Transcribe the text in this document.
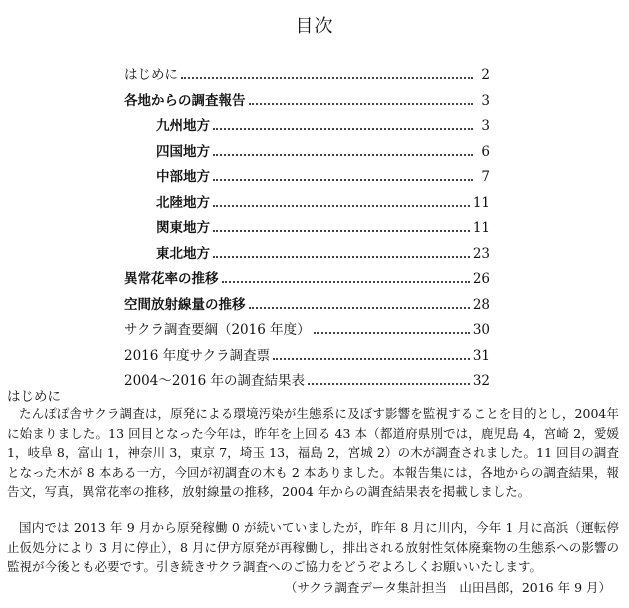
目次
はじめに	2
各地からの調査報告	3
九州地方	3
四国地方	6
中部地方	7
北陸地方	11
関東地方	11
東北地方	23
異常花率の推移	26
空間放射線量の推移	28
サクラ調査要綱（2016 年度）	30
2016 年度サクラ調査票	31
2004～2016 年の調査結果表	32
はじめに
たんぽぽ舎サクラ調査は，原発による環境汚染が生態系に及ぼす影響を監視することを目的とし，2004年に始まりました。13 回目となった今年は，昨年を上回る 43 本（都道府県別では，鹿児島 4，宮崎 2，愛媛 1，岐阜 8，富山 1，神奈川 3，東京 7，埼玉 13，福島 2，宮城 2）の木が調査されました。11 回目の調査となった木が 8 本ある一方，今回が初調査の木も 2 本ありました。本報告集には，各地からの調査結果，報告文，写真，異常花率の推移，放射線量の推移，2004 年からの調査結果表を掲載しました。
国内では 2013 年 9 月から原発稼働 0 が続いていましたが，昨年 8 月に川内，今年 1 月に高浜（運転停止仮処分により 3 月に停止），8 月に伊方原発が再稼働し，排出される放射性気体廃棄物の生態系への影響の監視が今後とも必要です。引き続きサクラ調査へのご協力をどうぞよろしくお願いいたします。
（サクラ調査データ集計担当　山田昌郎，2016 年 9 月）
